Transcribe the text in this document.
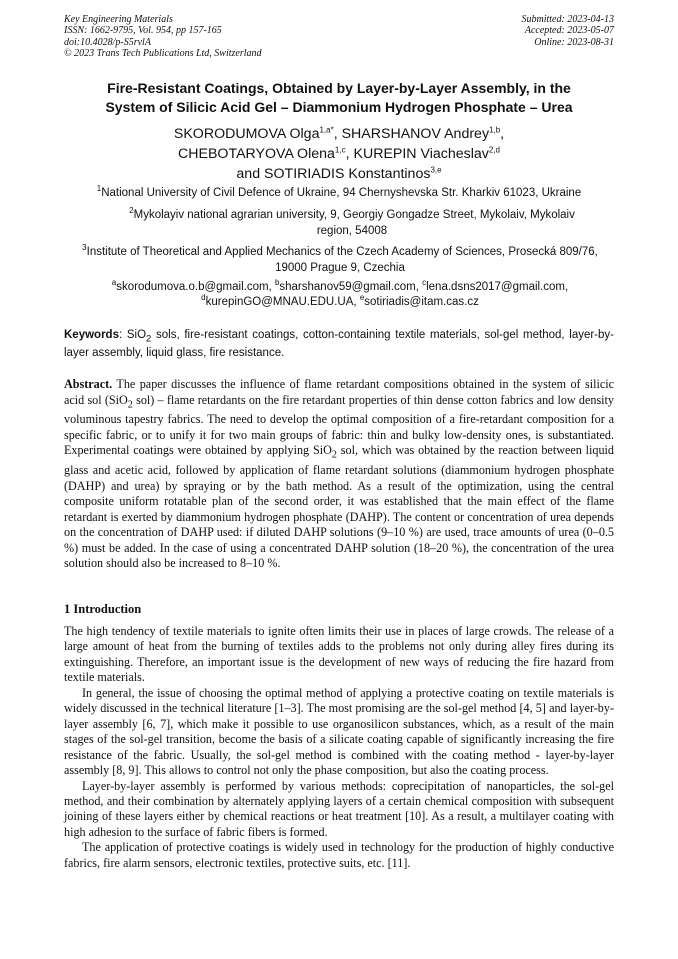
Key Engineering Materials
ISSN: 1662-9795, Vol. 954, pp 157-165
doi:10.4028/p-S5rvlA
© 2023 Trans Tech Publications Ltd, Switzerland
Submitted: 2023-04-13
Accepted: 2023-05-07
Online: 2023-08-31
Fire-Resistant Coatings, Obtained by Layer-by-Layer Assembly, in the
System of Silicic Acid Gel – Diammonium Hydrogen Phosphate – Urea
SKORODUMOVA Olga$^{1,a*}$, SHARSHANOV Andrey$^{1,b}$,
CHEBOTARYOVA Olena$^{1,c}$, KUREPIN Viacheslav$^{2,d}$
and SOTIRIADIS Konstantinos$^{3,e}$
$^1$National University of Civil Defence of Ukraine, 94 Chernyshevska Str. Kharkiv 61023, Ukraine
$^2$Mykolayiv national agrarian university, 9, Georgiy Gongadze Street, Mykolaiv, Mykolaiv region, 54008
$^3$Institute of Theoretical and Applied Mechanics of the Czech Academy of Sciences, Prosecká 809/76, 19000 Prague 9, Czechia
$^a$skorodumova.o.b@gmail.com, $^b$sharshanov59@gmail.com, $^c$lena.dsns2017@gmail.com,
$^d$kurepinGO@MNAU.EDU.UA, $^e$sotiriadis@itam.cas.cz
Keywords: SiO$_2$ sols, fire-resistant coatings, cotton-containing textile materials, sol-gel method, layer-by-layer assembly, liquid glass, fire resistance.
Abstract. The paper discusses the influence of flame retardant compositions obtained in the system of silicic acid sol (SiO$_2$ sol) – flame retardants on the fire retardant properties of thin dense cotton fabrics and low density voluminous tapestry fabrics. The need to develop the optimal composition of a fire-retardant composition for a specific fabric, or to unify it for two main groups of fabric: thin and bulky low-density ones, is substantiated. Experimental coatings were obtained by applying SiO$_2$ sol, which was obtained by the reaction between liquid glass and acetic acid, followed by application of flame retardant solutions (diammonium hydrogen phosphate (DAHP) and urea) by spraying or by the bath method. As a result of the optimization, using the central composite uniform rotatable plan of the second order, it was established that the main effect of the flame retardant is exerted by diammonium hydrogen phosphate (DAHP). The content or concentration of urea depends on the concentration of DAHP used: if diluted DAHP solutions (9–10 %) are used, trace amounts of urea (0–0.5 %) must be added. In the case of using a concentrated DAHP solution (18–20 %), the concentration of the urea solution should also be increased to 8–10 %.
1 Introduction

The high tendency of textile materials to ignite often limits their use in places of large crowds. The release of a large amount of heat from the burning of textiles adds to the problems not only during alley fires during its extinguishing. Therefore, an important issue is the development of new ways of reducing the fire hazard from textile materials.

In general, the issue of choosing the optimal method of applying a protective coating on textile materials is widely discussed in the technical literature [1–3]. The most promising are the sol-gel method [4, 5] and layer-by-layer assembly [6, 7], which make it possible to use organosilicon substances, which, as a result of the main stages of the sol-gel transition, become the basis of a silicate coating capable of significantly increasing the fire resistance of the fabric. Usually, the sol-gel method is combined with the coating method - layer-by-layer assembly [8, 9]. This allows to control not only the phase composition, but also the coating process.

Layer-by-layer assembly is performed by various methods: coprecipitation of nanoparticles, the sol-gel method, and their combination by alternately applying layers of a certain chemical composition with subsequent joining of these layers either by chemical reactions or heat treatment [10]. As a result, a multilayer coating with high adhesion to the surface of fabric fibers is formed.

The application of protective coatings is widely used in technology for the production of highly conductive fabrics, fire alarm sensors, electronic textiles, protective suits, etc. [11].
